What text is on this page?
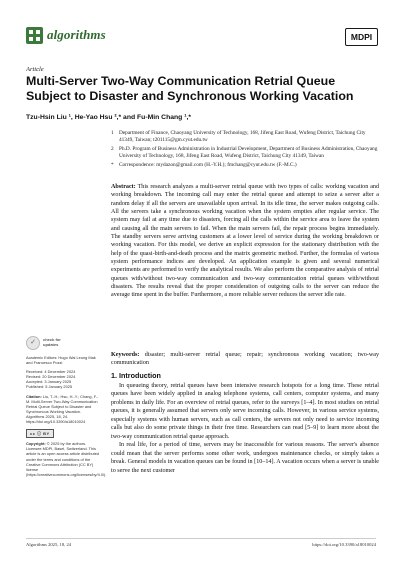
algorithms	MDPI
Article
Multi-Server Two-Way Communication Retrial Queue Subject to Disaster and Synchronous Working Vacation
Tzu-Hsin Liu ¹, He-Yao Hsu ²,* and Fu-Min Chang ¹,*
1	Department of Finance, Chaoyang University of Technology, 168, Jifeng East Road, Wufeng District, Taichung City 41349, Taiwan; t201115@gm.cyut.edu.tw
2	Ph.D. Program of Business Administration in Industrial Development, Department of Business Administration, Chaoyang University of Technology, 168, Jifeng East Road, Wufeng District, Taichung City 41349, Taiwan
*	Correspondence: mydazon@gmail.com (H.-Y.H.); fmchang@cyut.edu.tw (F.-M.C.)
Abstract: This research analyzes a multi-server retrial queue with two types of calls: working vacation and working breakdown. The incoming call may enter the retrial queue and attempt to seize a server after a random delay if all the servers are unavailable upon arrival. In its idle time, the server makes outgoing calls. All the servers take a synchronous working vacation when the system empties after regular service. The system may fail at any time due to disasters, forcing all the calls within the service area to leave the system and causing all the main servers to fail. When the main servers fail, the repair process begins immediately. The standby servers serve arriving customers at a lower level of service during the working breakdown or working vacation. For this model, we derive an explicit expression for the stationary distribution with the help of the quasi-birth-and-death process and the matrix geometric method. Further, the formulas of various system performance indices are developed. An application example is given and several numerical experiments are performed to verify the analytical results. We also perform the comparative analysis of retrial queues with/without two-way communication and two-way communication retrial queues with/without disasters. The results reveal that the proper consideration of outgoing calls to the server can reduce the average time spent in the buffer. Furthermore, a more reliable server reduces the server idle rate.
Keywords: disaster; multi-server retrial queue; repair; synchronous working vacation; two-way communication
✓	check for
updates

Academic Editors: Hugo Wai Leung Mak and Francesco Pozzi

Received: 4 December 2024
Revised: 20 December 2024
Accepted: 3 January 2025

Published: 5 January 2025

Citation: Liu, T.-H.; Hsu, H.-Y.; Chang, F.-M. Multi-Server Two-Way Communication Retrial Queue Subject to Disaster and Synchronous Working Vacation. Algorithms 2025, 18, 24. https://doi.org/10.3390/a18010024

cc ⓘ BY

Copyright: © 2025 by the authors. Licensee MDPI, Basel, Switzerland. This article is an open access article distributed under the terms and conditions of the Creative Commons Attribution (CC BY) license (https://creativecommons.org/licenses/by/4.0/).

1. Introduction

In queueing theory, retrial queues have been intensive research hotspots for a long time. These retrial queues have been widely applied in analog telephone systems, call centers, computer systems, and many problems in daily life. For an overview of retrial queues, refer to the surveys [1–4]. In most studies on retrial queues, it is generally assumed that servers only serve incoming calls. However, in various service systems, especially systems with human servers, such as call centers, the servers not only need to service incoming calls but also do some private things in their free time. Researchers can read [5–9] to learn more about the two-way communication retrial queue approach.

In real life, for a period of time, servers may be inaccessible for various reasons. The server's absence could mean that the server performs some other work, undergoes maintenance checks, or simply takes a break. General models in vacation queues can be found in [10–14]. A vacation occurs when a server is unable to serve the next customer

Algorithms 2025, 18, 24	https://doi.org/10.3390/a18010024
